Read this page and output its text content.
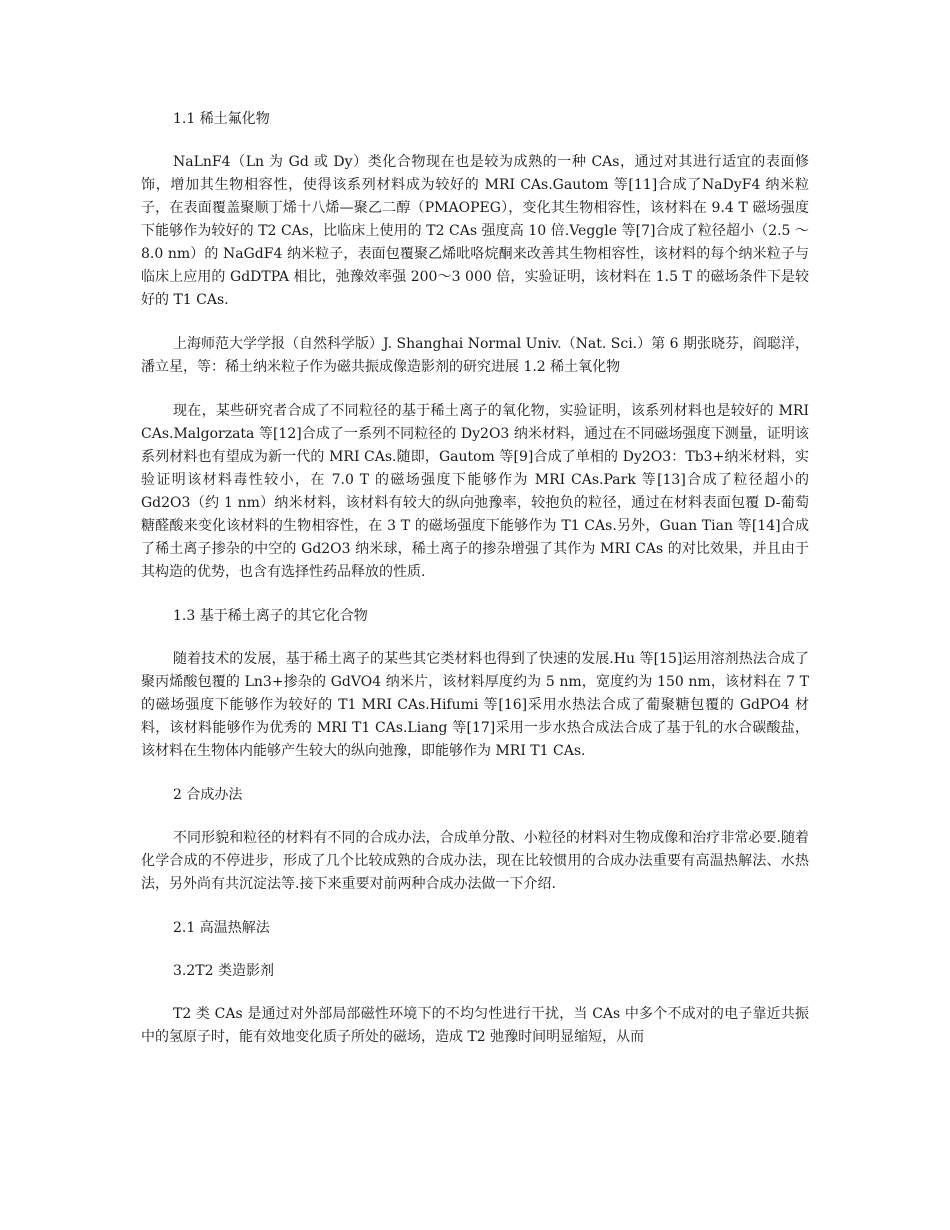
1.1 稀土氟化物

NaLnF4（Ln 为 Gd 或 Dy）类化合物现在也是较为成熟的一种 CAs，通过对其进行适宜的表面修饰，增加其生物相容性，使得该系列材料成为较好的 MRI CAs.Gautom 等[11]合成了NaDyF4 纳米粒子，在表面覆盖聚顺丁烯十八烯—聚乙二醇（PMAOPEG），变化其生物相容性，该材料在 9.4 T 磁场强度下能够作为较好的 T2 CAs，比临床上使用的 T2 CAs 强度高 10 倍.Veggle 等[7]合成了粒径超小（2.5 ～8.0 nm）的 NaGdF4 纳米粒子，表面包覆聚乙烯吡咯烷酮来改善其生物相容性，该材料的每个纳米粒子与临床上应用的 GdDTPA 相比，弛豫效率强 200～3 000 倍，实验证明，该材料在 1.5 T 的磁场条件下是较好的 T1 CAs.

上海师范大学学报（自然科学版）J. Shanghai Normal Univ.（Nat. Sci.）第 6 期张晓芬，阎聪洋，潘立星，等：稀土纳米粒子作为磁共振成像造影剂的研究进展 1.2 稀土氧化物

现在，某些研究者合成了不同粒径的基于稀土离子的氧化物，实验证明，该系列材料也是较好的 MRI CAs.Malgorzata 等[12]合成了一系列不同粒径的 Dy2O3 纳米材料，通过在不同磁场强度下测量，证明该系列材料也有望成为新一代的 MRI CAs.随即，Gautom 等[9]合成了单相的 Dy2O3：Tb3+纳米材料，实验证明该材料毒性较小，在 7.0 T 的磁场强度下能够作为 MRI CAs.Park 等[13]合成了粒径超小的 Gd2O3（约 1 nm）纳米材料，该材料有较大的纵向弛豫率，较抱负的粒径，通过在材料表面包覆 D-葡萄糖醛酸来变化该材料的生物相容性，在 3 T 的磁场强度下能够作为 T1 CAs.另外，Guan Tian 等[14]合成了稀土离子掺杂的中空的 Gd2O3 纳米球，稀土离子的掺杂增强了其作为 MRI CAs 的对比效果，并且由于其构造的优势，也含有选择性药品释放的性质.

1.3 基于稀土离子的其它化合物

随着技术的发展，基于稀土离子的某些其它类材料也得到了快速的发展.Hu 等[15]运用溶剂热法合成了聚丙烯酸包覆的 Ln3+掺杂的 GdVO4 纳米片，该材料厚度约为 5 nm，宽度约为 150 nm，该材料在 7 T 的磁场强度下能够作为较好的 T1 MRI CAs.Hifumi 等[16]采用水热法合成了葡聚糖包覆的 GdPO4 材料，该材料能够作为优秀的 MRI T1 CAs.Liang 等[17]采用一步水热合成法合成了基于钆的水合碳酸盐，该材料在生物体内能够产生较大的纵向弛豫，即能够作为 MRI T1 CAs.

2 合成办法

不同形貌和粒径的材料有不同的合成办法，合成单分散、小粒径的材料对生物成像和治疗非常必要.随着化学合成的不停进步，形成了几个比较成熟的合成办法，现在比较惯用的合成办法重要有高温热解法、水热法，另外尚有共沉淀法等.接下来重要对前两种合成办法做一下介绍.

2.1 高温热解法
3.2T2 类造影剂

T2 类 CAs 是通过对外部局部磁性环境下的不均匀性进行干扰，当 CAs 中多个不成对的电子靠近共振中的氢原子时，能有效地变化质子所处的磁场，造成 T2 弛豫时间明显缩短，从而
